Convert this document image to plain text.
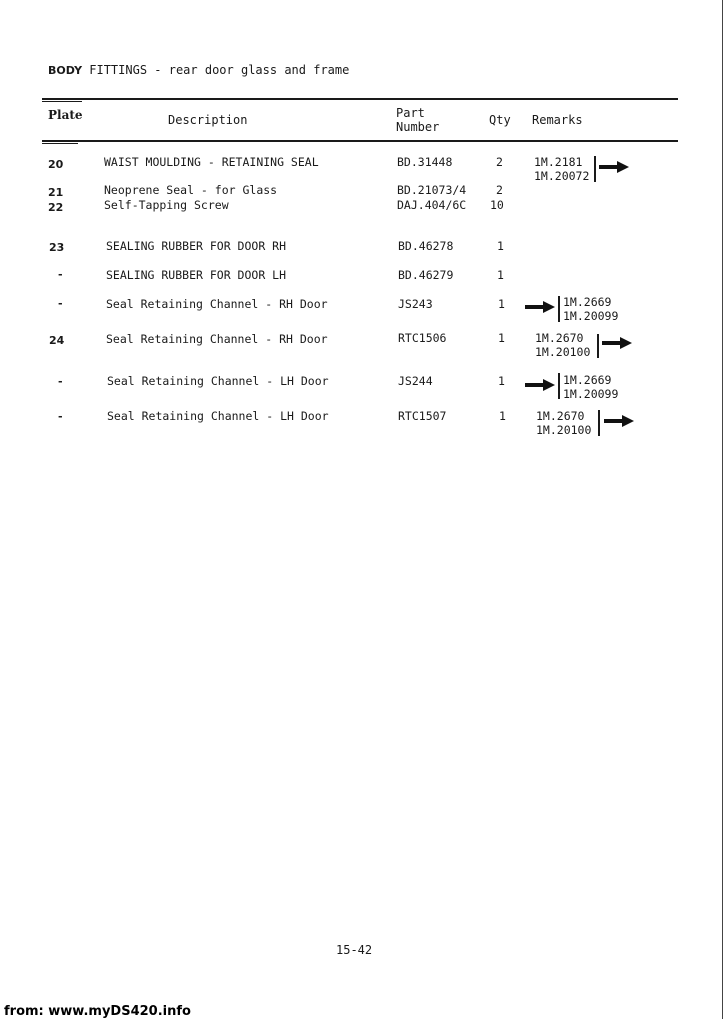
BODY FITTINGS - rear door glass and frame
Plate	Description	Part Number	Qty Remarks
20	WAIST MOULDING - RETAINING SEAL	BD.31448	2	1M.2181
1M.20072
21	Neoprene Seal - for Glass	BD.21073/4	2
22	Self-Tapping Screw	DAJ.404/6C 10
23	SEALING RUBBER FOR DOOR RH	BD.46278	1
-	SEALING RUBBER FOR DOOR LH	BD.46279	1
-	Seal Retaining Channel - RH Door	JS243	1	1M.2669
1M.20099
24	Seal Retaining Channel - RH Door	RTC1506	1	1M.2670
1M.20100
-	Seal Retaining Channel - LH Door	JS244	1	1M.2669
1M.20099
-	Seal Retaining Channel - LH Door	RTC1507	1	1M.2670
1M.20100
15-42
from: www.myDS420.info
